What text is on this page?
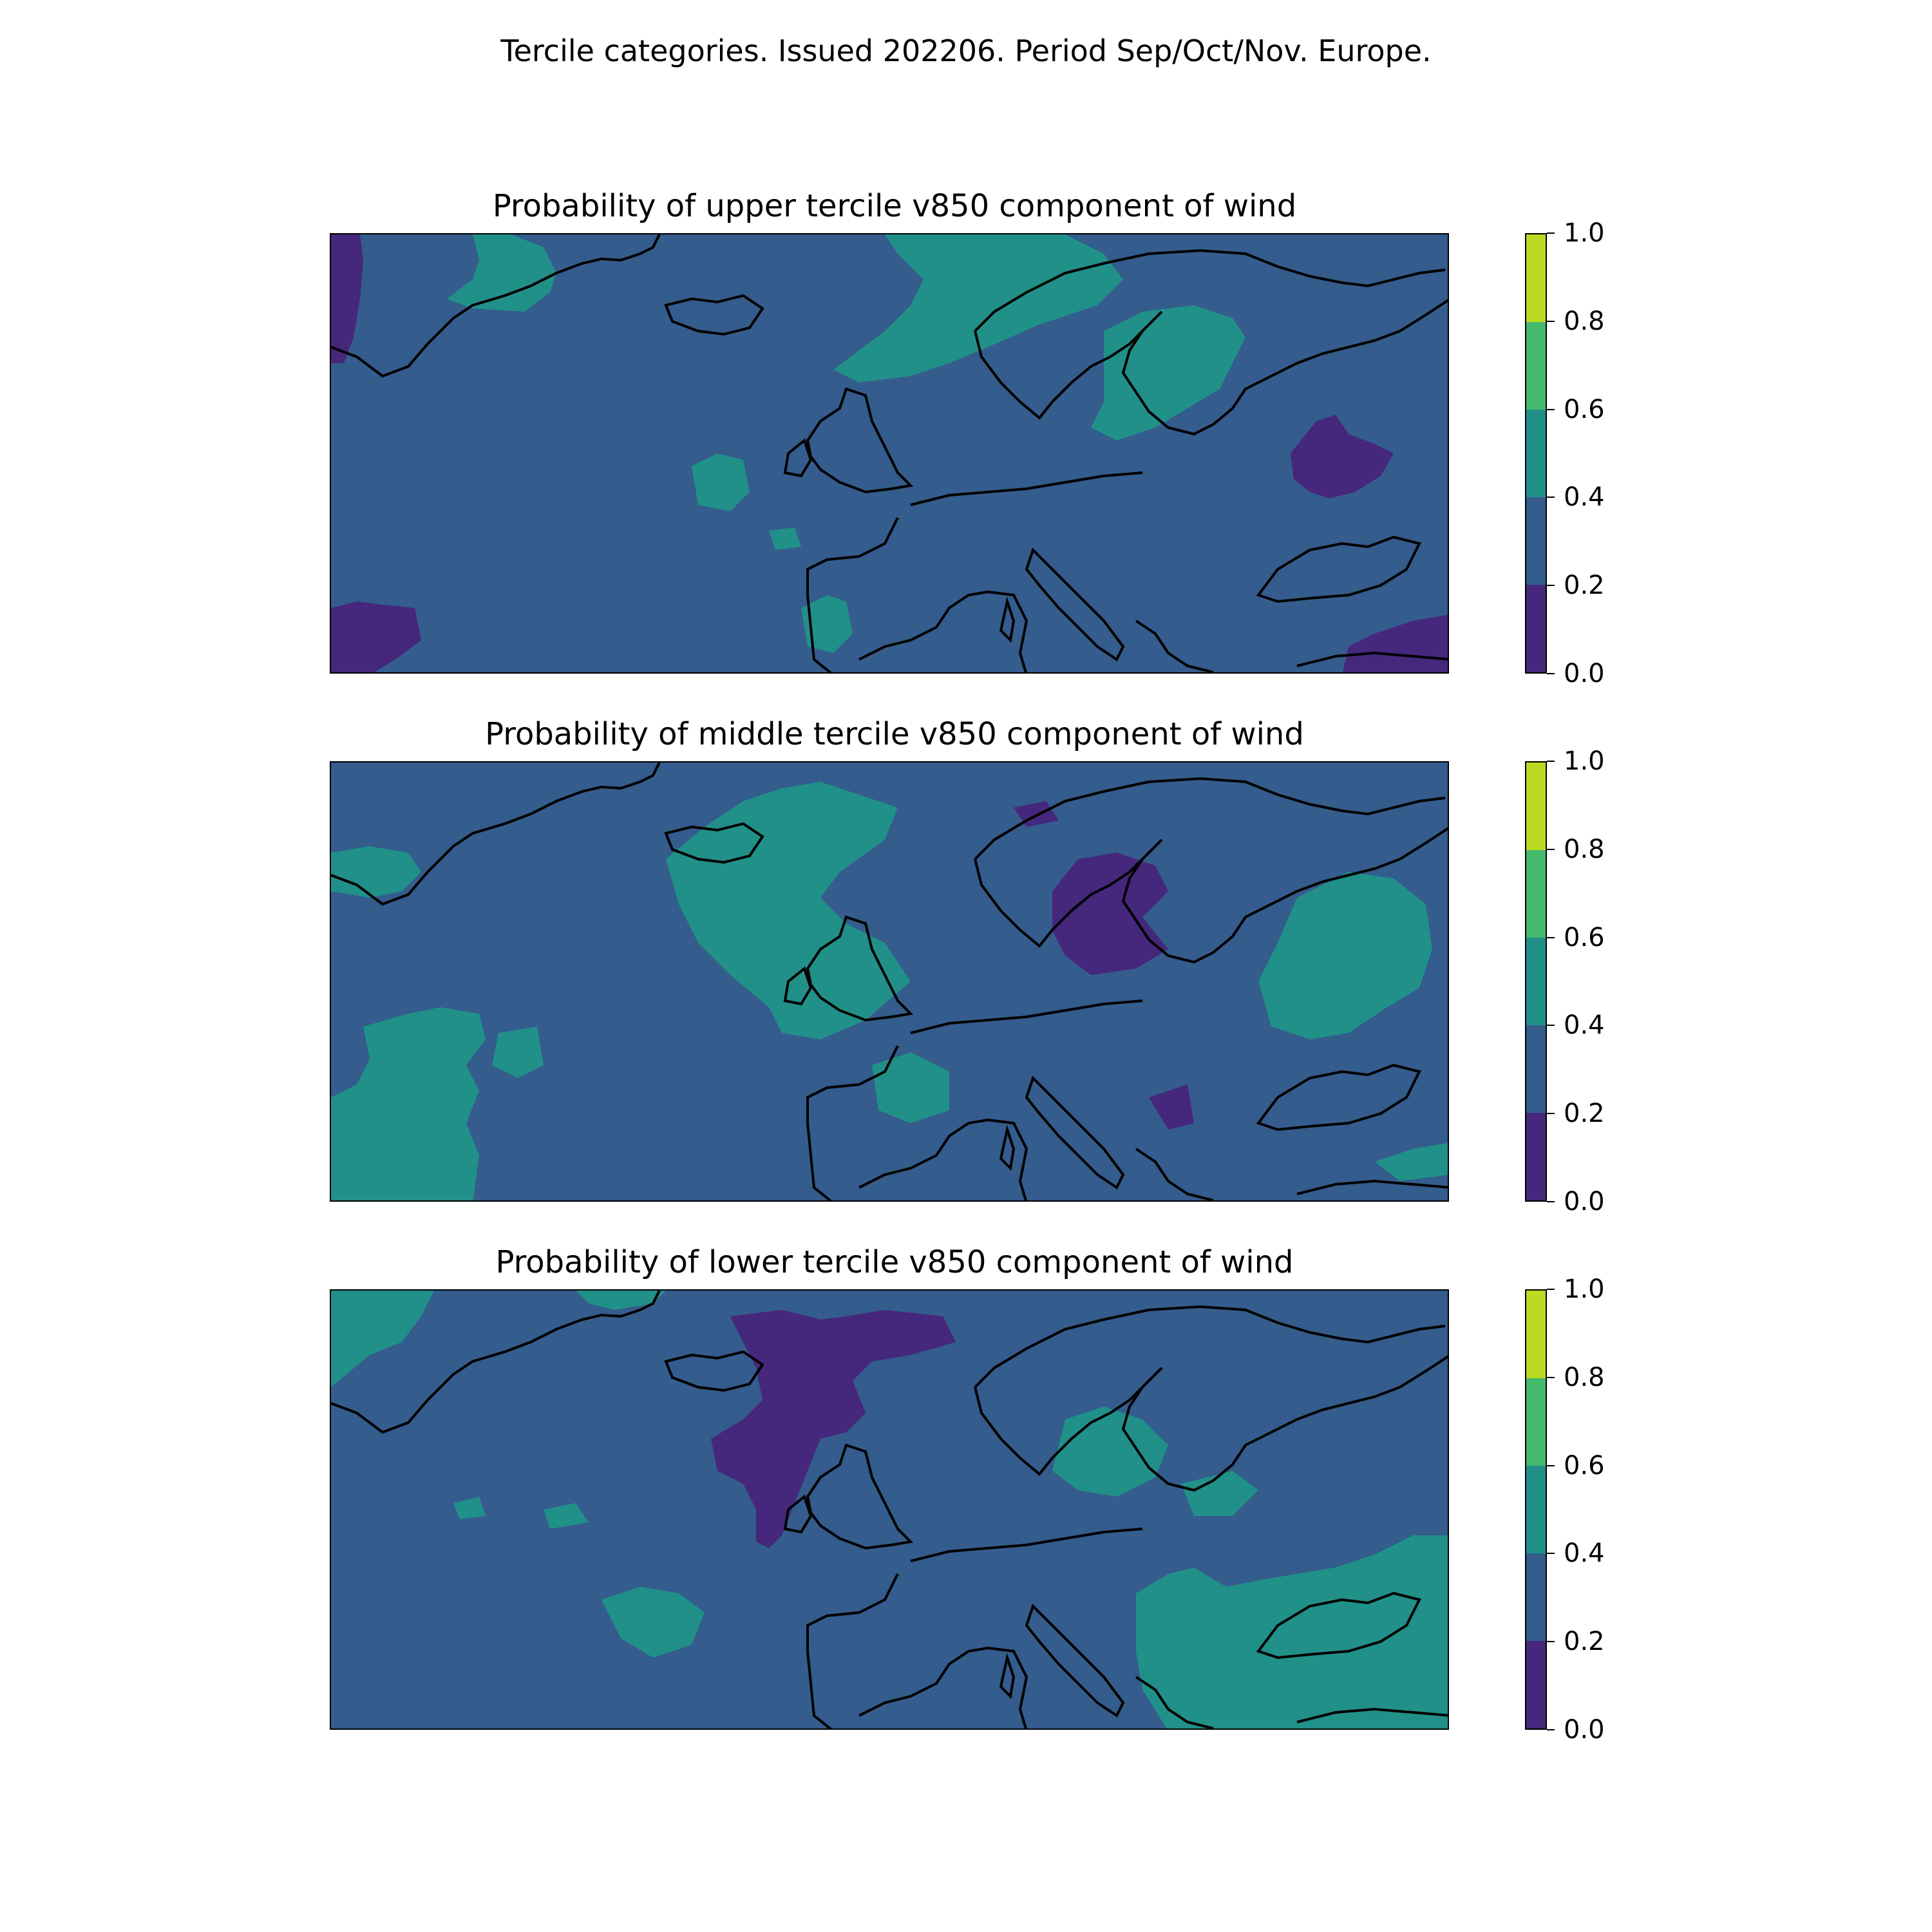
Tercile categories. Issued 202206. Period Sep/Oct/Nov. Europe.
Probability of upper tercile v850 component of wind
0.0
0.2
0.4
0.6
0.8
1.0
Probability of middle tercile v850 component of wind
0.0
0.2
0.4
0.6
0.8
1.0
Probability of lower tercile v850 component of wind
0.0
0.2
0.4
0.6
0.8
1.0
